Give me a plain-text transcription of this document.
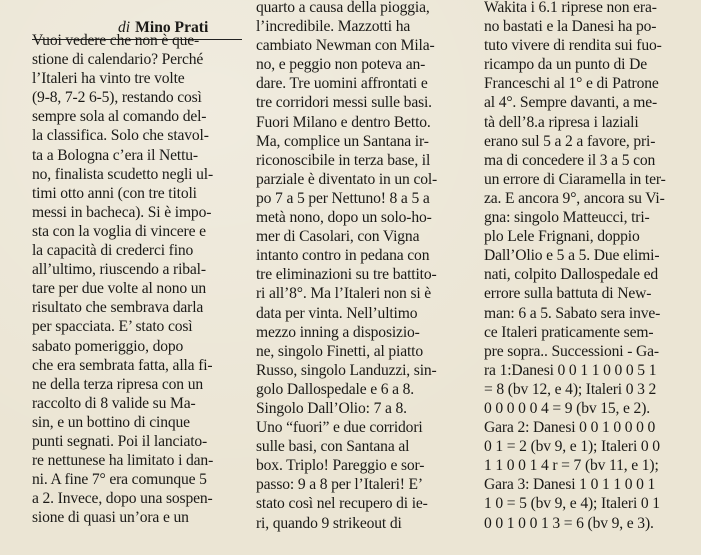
di Mino Prati
Vuoi vedere che non è que-
stione di calendario? Perché
l’Italeri ha vinto tre volte
(9-8, 7-2 6-5), restando così
sempre sola al comando del-
la classifica. Solo che stavol-
ta a Bologna c’era il Nettu-
no, finalista scudetto negli ul-
timi otto anni (con tre titoli
messi in bacheca). Si è impo-
sta con la voglia di vincere e
la capacità di crederci fino
all’ultimo, riuscendo a ribal-
tare per due volte al nono un
risultato che sembrava darla
per spacciata. E’ stato così
sabato pomeriggio, dopo
che era sembrata fatta, alla fi-
ne della terza ripresa con un
raccolto di 8 valide su Ma-
sin, e un bottino di cinque
punti segnati. Poi il lanciato-
re nettunese ha limitato i dan-
ni. A fine 7° era comunque 5
a 2. Invece, dopo una sospen-
sione di quasi un’ora e un
quarto a causa della pioggia,
l’incredibile. Mazzotti ha
cambiato Newman con Mila-
no, e peggio non poteva an-
dare. Tre uomini affrontati e
tre corridori messi sulle basi.
Fuori Milano e dentro Betto.
Ma, complice un Santana ir-
riconoscibile in terza base, il
parziale è diventato in un col-
po 7 a 5 per Nettuno! 8 a 5 a
metà nono, dopo un solo-ho-
mer di Casolari, con Vigna
intanto contro in pedana con
tre eliminazioni su tre battito-
ri all’8°. Ma l’Italeri non si è
data per vinta. Nell’ultimo
mezzo inning a disposizio-
ne, singolo Finetti, al piatto
Russo, singolo Landuzzi, sin-
golo Dallospedale e 6 a 8.
Singolo Dall’Olio: 7 a 8.
Uno “fuori” e due corridori
sulle basi, con Santana al
box. Triplo! Pareggio e sor-
passo: 9 a 8 per l’Italeri! E’
stato così nel recupero di ie-
ri, quando 9 strikeout di
Wakita i 6.1 riprese non era-
no bastati e la Danesi ha po-
tuto vivere di rendita sui fuo-
ricampo da un punto di De
Franceschi al 1° e di Patrone
al 4°. Sempre davanti, a me-
tà dell’8.a ripresa i laziali
erano sul 5 a 2 a favore, pri-
ma di concedere il 3 a 5 con
un errore di Ciaramella in ter-
za. E ancora 9°, ancora su Vi-
gna: singolo Matteucci, tri-
plo Lele Frignani, doppio
Dall’Olio e 5 a 5. Due elimi-
nati, colpito Dallospedale ed
errore sulla battuta di New-
man: 6 a 5. Sabato sera inve-
ce Italeri praticamente sem-
pre sopra.. Successioni - Ga-
ra 1:Danesi 0 0 1 1 0 0 0 5 1
= 8 (bv 12, e 4); Italeri 0 3 2
0 0 0 0 0 4 = 9 (bv 15, e 2).
Gara 2: Danesi 0 0 1 0 0 0 0
0 1 = 2 (bv 9, e 1); Italeri 0 0
1 1 0 0 1 4 r = 7 (bv 11, e 1);
Gara 3: Danesi 1 0 1 1 0 0 1
1 0 = 5 (bv 9, e 4); Italeri 0 1
0 0 1 0 0 1 3 = 6 (bv 9, e 3).
